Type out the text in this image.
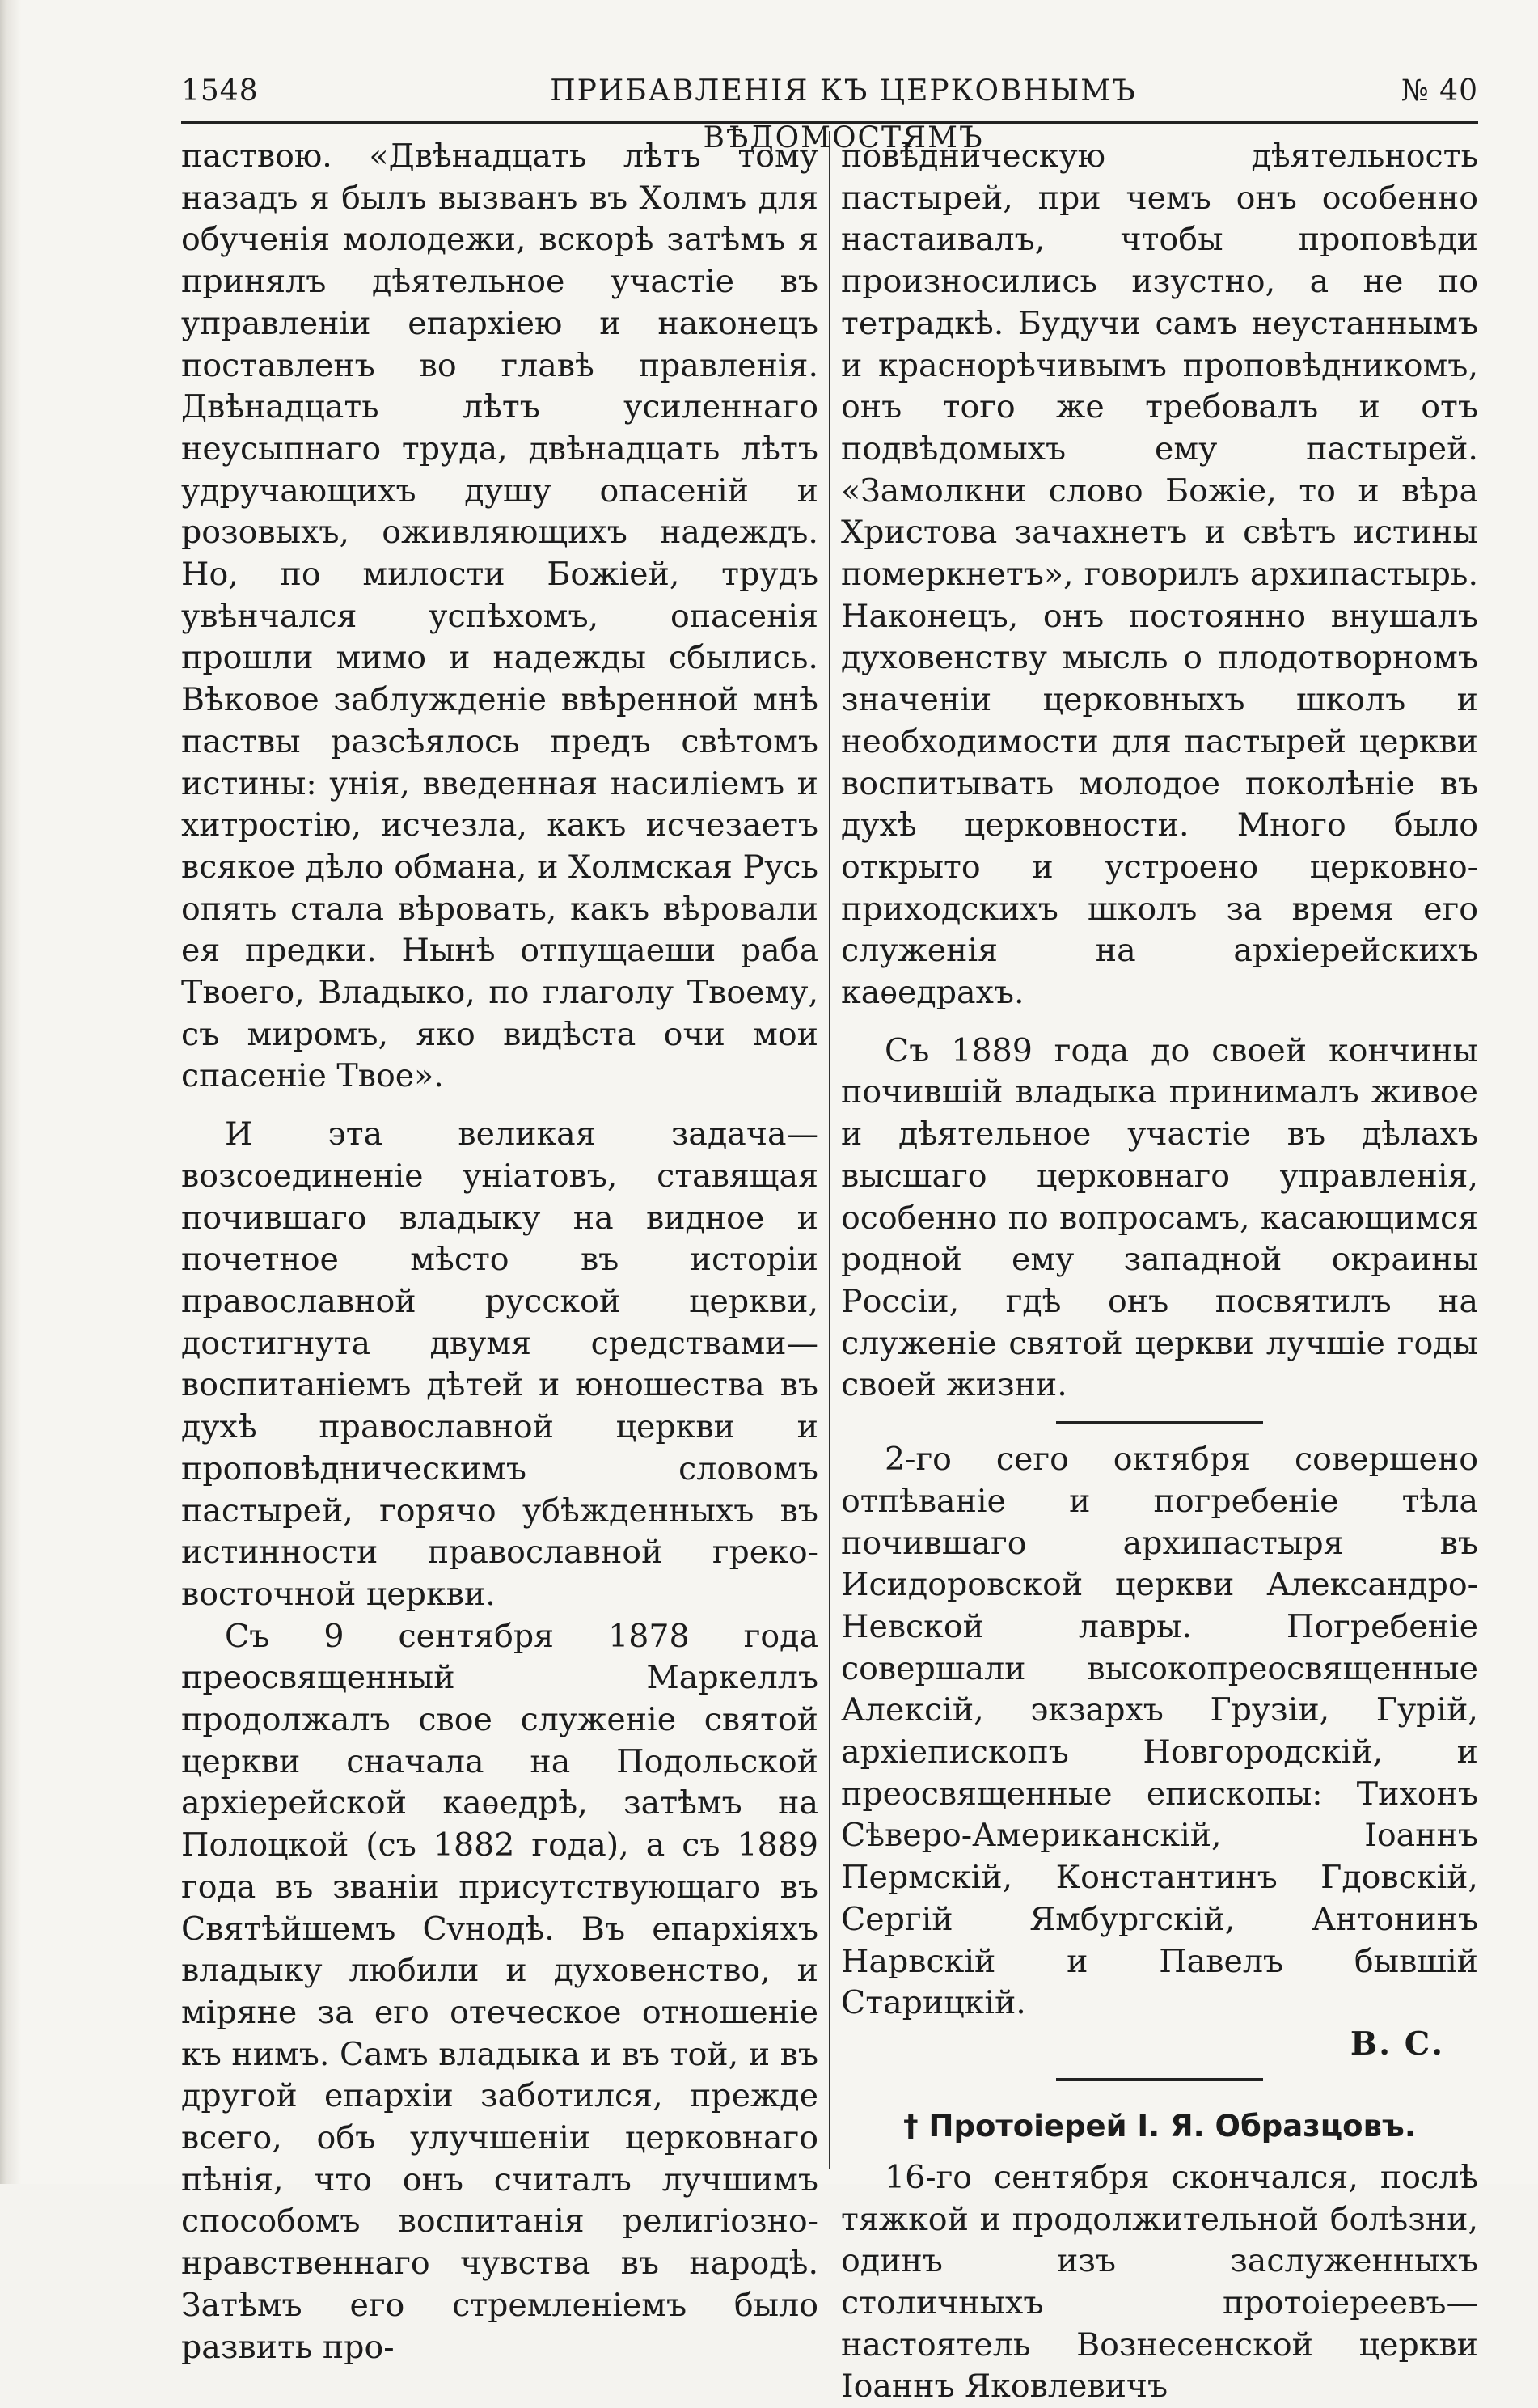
1548	ПРИБАВЛЕНІЯ КЪ ЦЕРКОВНЫМЪ ВѢДОМОСТЯМЪ
№ 40

паствою. «Двѣнадцать лѣтъ тому назадъ я былъ вызванъ въ Холмъ для обученія молодежи, вскорѣ затѣмъ я принялъ дѣятельное участіе въ управленіи епархіею и наконецъ поставленъ во главѣ правленія. Двѣнадцать лѣтъ усиленнаго неусыпнаго труда, двѣнадцать лѣтъ удручающихъ душу опасеній и розовыхъ, оживляющихъ надеждъ. Но, по милости Божіей, трудъ увѣнчался успѣхомъ, опасенія прошли мимо и надежды сбылись. Вѣковое заблужденіе ввѣренной мнѣ паствы разсѣялось предъ свѣтомъ истины: унія, введенная насиліемъ и хитростію, исчезла, какъ исчезаетъ всякое дѣло обмана, и Холмская Русь опять стала вѣровать, какъ вѣровали ея предки. Нынѣ отпущаеши раба Твоего, Владыко, по глаголу Твоему, съ миромъ, яко видѣста очи мои спасеніе Твое».

И эта великая задача—возсоединеніе уніатовъ, ставящая почившаго владыку на видное и почетное мѣсто въ исторіи православной русской церкви, достигнута двумя средствами—воспитаніемъ дѣтей и юношества въ духѣ православной церкви и проповѣдническимъ словомъ пастырей, горячо убѣжденныхъ въ истинности православной греко-восточной церкви.

Съ 9 сентября 1878 года преосвященный Маркеллъ продолжалъ свое служеніе святой церкви сначала на Подольской архіерейской каѳедрѣ, затѣмъ на Полоцкой (съ 1882 года), а съ 1889 года въ званіи присутствующаго въ Святѣйшемъ Сvнодѣ. Въ епархіяхъ владыку любили и духовенство, и міряне за его отеческое отношеніе къ нимъ. Самъ владыка и въ той, и въ другой епархіи заботился, прежде всего, объ улучшеніи церковнаго пѣнія, что онъ считалъ лучшимъ способомъ воспитанія религіозно-нравственнаго чувства въ народѣ. Затѣмъ его стремленіемъ было развить про-

повѣдническую дѣятельность пастырей, при чемъ онъ особенно настаивалъ, чтобы проповѣди произносились изустно, а не по тетрадкѣ. Будучи самъ неустаннымъ и краснорѣчивымъ проповѣдникомъ, онъ того же требовалъ и отъ подвѣдомыхъ ему пастырей. «Замолкни слово Божіе, то и вѣра Христова зачахнетъ и свѣтъ истины померкнетъ», говорилъ архипастырь. Наконецъ, онъ постоянно внушалъ духовенству мысль о плодотворномъ значеніи церковныхъ школъ и необходимости для пастырей церкви воспитывать молодое поколѣніе въ духѣ церковности. Много было открыто и устроено церковно-приходскихъ школъ за время его служенія на архіерейскихъ каѳедрахъ.

Съ 1889 года до своей кончины почившій владыка принималъ живое и дѣятельное участіе въ дѣлахъ высшаго церковнаго управленія, особенно по вопросамъ, касающимся родной ему западной окраины Россіи, гдѣ онъ посвятилъ на служеніе святой церкви лучшіе годы своей жизни.

2-го сего октября совершено отпѣваніе и погребеніе тѣла почившаго архипастыря въ Исидоровской церкви Александро-Невской лавры. Погребеніе совершали высокопреосвященные Алексій, экзархъ Грузіи, Гурій, архіепископъ Новгородскій, и преосвященные епископы: Тихонъ Сѣверо-Американскій, Іоаннъ Пермскій, Константинъ Гдовскій, Сергій Ямбургскій, Антонинъ Нарвскій и Павелъ бывшій Старицкій.

В. С.
† Протоіерей І. Я. Образцовъ.

16-го сентября скончался, послѣ тяжкой и продолжительной болѣзни, одинъ изъ заслуженныхъ столичныхъ протоіереевъ—настоятель Вознесенской церкви Іоаннъ Яковлевичъ
